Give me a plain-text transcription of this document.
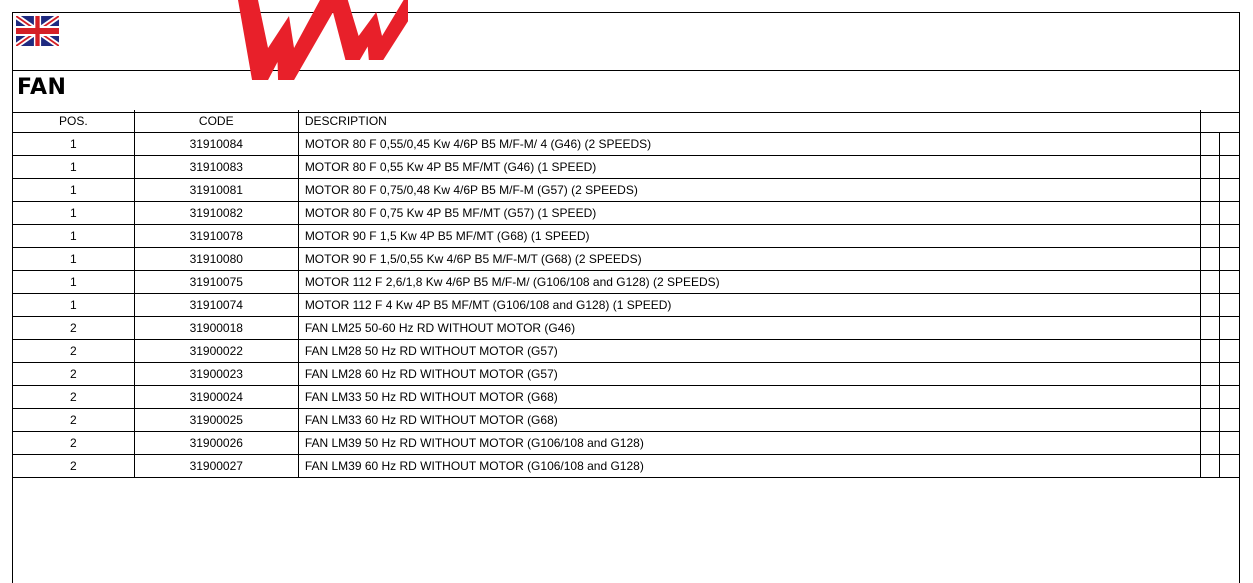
FAN
POS.	CODE	DESCRIPTION		
1	31910084	MOTOR 80 F 0,55/0,45 Kw 4/6P B5 M/F-M/ 4 (G46) (2 SPEEDS)		
1	31910083	MOTOR 80 F 0,55 Kw 4P B5 MF/MT (G46) (1 SPEED)		
1	31910081	MOTOR 80 F 0,75/0,48 Kw 4/6P B5 M/F-M (G57) (2 SPEEDS)		
1	31910082	MOTOR 80 F 0,75 Kw 4P B5 MF/MT (G57) (1 SPEED)		
1	31910078	MOTOR 90 F 1,5 Kw 4P B5 MF/MT (G68) (1 SPEED)		
1	31910080	MOTOR 90 F 1,5/0,55 Kw 4/6P B5 M/F-M/T (G68) (2 SPEEDS)		
1	31910075	MOTOR 112 F 2,6/1,8 Kw 4/6P B5 M/F-M/ (G106/108 and G128) (2 SPEEDS)		
1	31910074	MOTOR 112 F 4 Kw 4P B5 MF/MT (G106/108 and G128) (1 SPEED)		
2	31900018	FAN LM25 50-60 Hz RD WITHOUT MOTOR (G46)		
2	31900022	FAN LM28 50 Hz RD WITHOUT MOTOR (G57)		
2	31900023	FAN LM28 60 Hz RD WITHOUT MOTOR (G57)		
2	31900024	FAN LM33 50 Hz RD WITHOUT MOTOR (G68)		
2	31900025	FAN LM33 60 Hz RD WITHOUT MOTOR (G68)		
2	31900026	FAN LM39 50 Hz RD WITHOUT MOTOR (G106/108 and G128)		
2	31900027	FAN LM39 60 Hz RD WITHOUT MOTOR (G106/108 and G128)		
